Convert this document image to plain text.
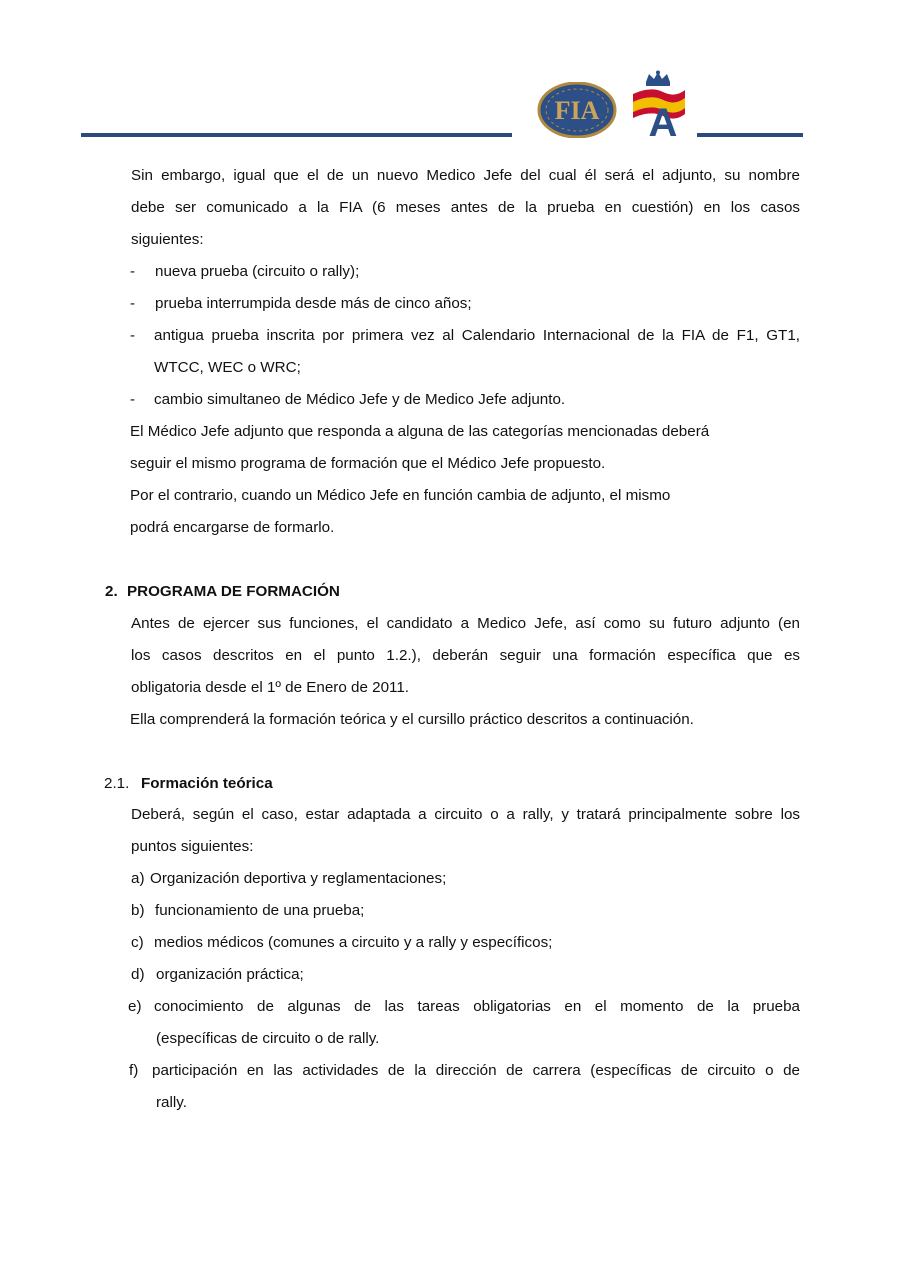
FIA A
Sin embargo, igual que el de un nuevo Medico Jefe del cual él será el adjunto, su nombre
debe ser comunicado a la FIA (6 meses antes de la prueba en cuestión) en los casos
siguientes:
- nueva prueba (circuito o rally);
- prueba interrumpida desde más de cinco años;
- antigua prueba inscrita por primera vez al Calendario Internacional de la FIA de F1, GT1,
WTCC, WEC o WRC;
- cambio simultaneo de Médico Jefe y de Medico Jefe adjunto.
El Médico Jefe adjunto que responda a alguna de las categorías mencionadas deberá
seguir el mismo programa de formación que el Médico Jefe propuesto.
Por el contrario, cuando un Médico Jefe en función cambia de adjunto, el mismo
podrá encargarse de formarlo.
2. PROGRAMA DE FORMACIÓN
Antes de ejercer sus funciones, el candidato a Medico Jefe, así como su futuro adjunto (en
los casos descritos en el punto 1.2.), deberán seguir una formación específica que es
obligatoria desde el 1º de Enero de 2011.
Ella comprenderá la formación teórica y el cursillo práctico descritos a continuación.
2.1. Formación teórica
Deberá, según el caso, estar adaptada a circuito o a rally, y tratará principalmente sobre los
puntos siguientes:
a) Organización deportiva y reglamentaciones;
b) funcionamiento de una prueba;
c) medios médicos (comunes a circuito y a rally y específicos;
d) organización práctica;
e) conocimiento de algunas de las tareas obligatorias en el momento de la prueba
(específicas de circuito o de rally.
f) participación en las actividades de la dirección de carrera (específicas de circuito o de
rally.
